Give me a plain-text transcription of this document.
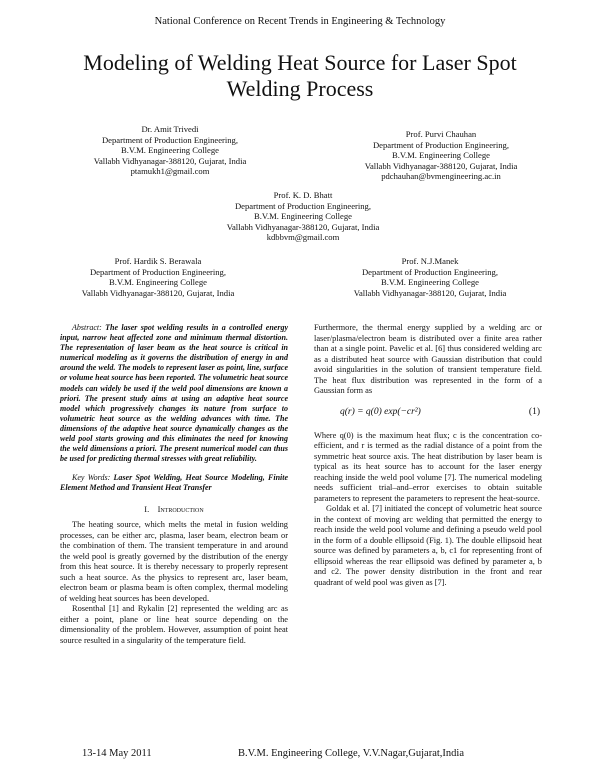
National Conference on Recent Trends in Engineering & Technology
Modeling of Welding Heat Source for Laser Spot
Welding Process
Dr. Amit Trivedi
Department of Production Engineering,
B.V.M. Engineering College
Vallabh Vidhyanagar-388120, Gujarat, India
ptamukh1@gmail.com
Prof. Purvi Chauhan
Department of Production Engineering,
B.V.M. Engineering College
Vallabh Vidhyanagar-388120, Gujarat, India
pdchauhan@bvmengineering.ac.in
Prof. K. D. Bhatt
Department of Production Engineering,
B.V.M. Engineering College
Vallabh Vidhyanagar-388120, Gujarat, India
kdbbvm@gmail.com
Prof. Hardik S. Berawala
Department of Production Engineering,
B.V.M. Engineering College
Vallabh Vidhyanagar-388120, Gujarat, India
Prof. N.J.Manek
Department of Production Engineering,
B.V.M. Engineering College
Vallabh Vidhyanagar-388120, Gujarat, India

Abstract: The laser spot welding results in a controlled energy input, narrow heat affected zone and minimum thermal distortion. The representation of laser beam as the heat source is critical in numerical modeling as it governs the distribution of energy in and around the weld. The models to represent laser as point, line, surface or volume heat source has been reported. The volumetric heat source models can widely be used if the weld pool dimensions are known a priori. The present study aims at using an adaptive heat source model which progressively changes its nature from surface to volumetric heat source as the welding advances with time. The dimensions of the adaptive heat source dynamically changes as the weld pool starts growing and this eliminates the need for knowing the weld dimensions a priori. The present numerical model can thus be used for predicting thermal stresses with great reliability.

Key Words: Laser Spot Welding, Heat Source Modeling, Finite Element Method and Transient Heat Transfer

I. Introduction

The heating source, which melts the metal in fusion welding processes, can be either arc, plasma, laser beam, electron beam or the combination of them. The transient temperature in and around the weld pool is greatly governed by the distribution of the energy from this heat source. It is thereby necessary to properly represent such a heat source. As the physics to represent arc, laser beam, electron beam or plasma beam is often complex, thermal modeling of welding heat sources has been developed.

Rosenthal [1] and Rykalin [2] represented the welding arc as either a point, plane or line heat source depending on the dimensionality of the problem. However, assumption of point heat source resulted in a singularity of the temperature field.

Furthermore, the thermal energy supplied by a welding arc or laser/plasma/electron beam is distributed over a finite area rather than at a single point. Pavelic et al. [6] thus considered welding arc as a distributed heat source with Gaussian distribution that could avoid singularities in the solution of transient temperature field. The heat flux distribution was represented in the form of a Gaussian form as

q(r) = q(0) exp(−cr²)	(1)

Where q(0) is the maximum heat flux; c is the concentration co-efficient, and r is termed as the radial distance of a point from the symmetric heat source axis. The heat distribution by laser beam is typical as its heat source has to account for the laser energy reaching inside the weld pool volume [7]. The numerical modeling needs sufficient trial–and–error exercises to obtain suitable parameters to represent the parameters to represent the heat-source.

Goldak et al. [7] initiated the concept of volumetric heat source in the context of moving arc welding that permitted the energy to reach inside the weld pool volume and defining a pseudo weld pool in the form of a double ellipsoid (Fig. 1). The double ellipsoid heat source was defined by parameters a, b, c1 for representing front of ellipsoid whereas the rear ellipsoid was defined by parameter a, b and c2. The power density distribution in the front and rear quadrant of weld pool was given as [7].

13-14 May 2011	B.V.M. Engineering College, V.V.Nagar,Gujarat,India
